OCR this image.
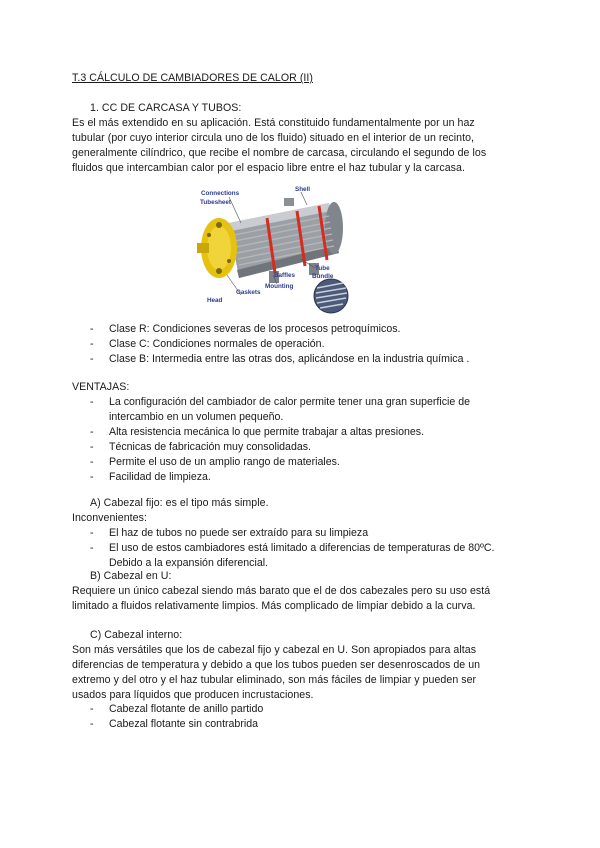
T.3 CÁLCULO DE CAMBIADORES DE CALOR (II)
1. CC DE CARCASA Y TUBOS:
Es el más extendido en su aplicación. Está constituido fundamentalmente por un haz
tubular (por cuyo interior circula uno de los fluido) situado en el interior de un recinto,
generalmente cilíndrico, que recibe el nombre de carcasa, circulando el segundo de los
fluidos que intercambian calor por el espacio libre entre el haz tubular y la carcasa.
Connections
Tubesheet
Shell
Tube
Bundle
Baffles
Mounting
Gaskets
Head
- Clase R: Condiciones severas de los procesos petroquímicos.
- Clase C: Condiciones normales de operación.
- Clase B: Intermedia entre las otras dos, aplicándose en la industria química .
VENTAJAS:
- La configuración del cambiador de calor permite tener una gran superficie de
intercambio en un volumen pequeño.
- Alta resistencia mecánica lo que permite trabajar a altas presiones.
- Técnicas de fabricación muy consolidadas.
- Permite el uso de un amplio rango de materiales.
- Facilidad de limpieza.
A) Cabezal fijo: es el tipo más simple.
Inconvenientes:
- El haz de tubos no puede ser extraído para su limpieza
- El uso de estos cambiadores está limitado a diferencias de temperaturas de 80ºC.
Debido a la expansión diferencial.
B) Cabezal en U:
Requiere un único cabezal siendo más barato que el de dos cabezales pero su uso está
limitado a fluidos relativamente limpios. Más complicado de limpiar debido a la curva.
C) Cabezal interno:
Son más versátiles que los de cabezal fijo y cabezal en U. Son apropiados para altas
diferencias de temperatura y debido a que los tubos pueden ser desenroscados de un
extremo y del otro y el haz tubular eliminado, son más fáciles de limpiar y pueden ser
usados para líquidos que producen incrustaciones.
- Cabezal flotante de anillo partido
- Cabezal flotante sin contrabrida
